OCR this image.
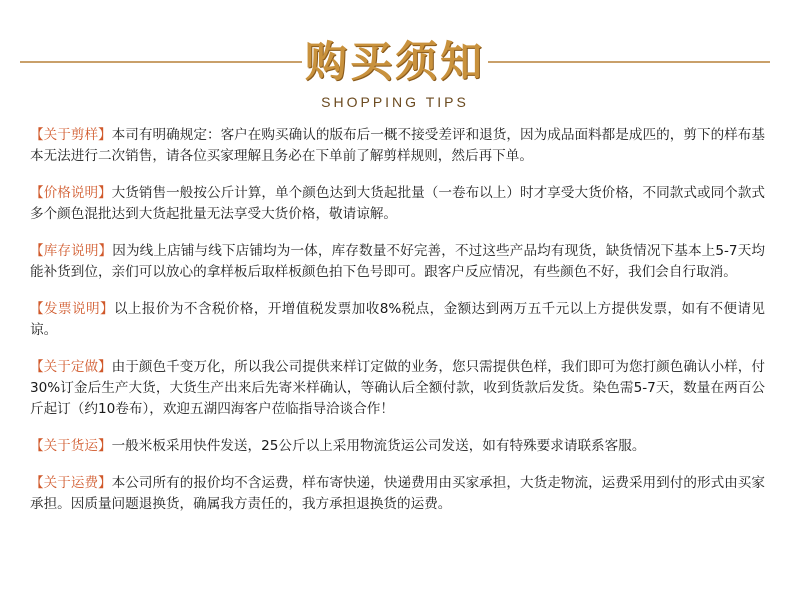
购买须知
SHOPPING TIPS

【关于剪样】本司有明确规定：客户在购买确认的版布后一概不接受差评和退货，因为成品面料都是成匹的，剪下的样布基本无法进行二次销售，请各位买家理解且务必在下单前了解剪样规则，然后再下单。

【价格说明】大货销售一般按公斤计算，单个颜色达到大货起批量（一卷布以上）时才享受大货价格，不同款式或同个款式多个颜色混批达到大货起批量无法享受大货价格，敬请谅解。

【库存说明】因为线上店铺与线下店铺均为一体，库存数量不好完善，不过这些产品均有现货，缺货情况下基本上5-7天均能补货到位，亲们可以放心的拿样板后取样板颜色拍下色号即可。跟客户反应情况，有些颜色不好，我们会自行取消。

【发票说明】以上报价为不含税价格，开增值税发票加收8%税点，金额达到两万五千元以上方提供发票，如有不便请见谅。

【关于定做】由于颜色千变万化，所以我公司提供来样订定做的业务，您只需提供色样，我们即可为您打颜色确认小样，付30%订金后生产大货，大货生产出来后先寄米样确认，等确认后全额付款，收到货款后发货。染色需5-7天，数量在两百公斤起订（约10卷布），欢迎五湖四海客户莅临指导洽谈合作！

【关于货运】一般米板采用快件发送，25公斤以上采用物流货运公司发送，如有特殊要求请联系客服。

【关于运费】本公司所有的报价均不含运费，样布寄快递，快递费用由买家承担，大货走物流，运费采用到付的形式由买家承担。因质量问题退换货，确属我方责任的，我方承担退换货的运费。
